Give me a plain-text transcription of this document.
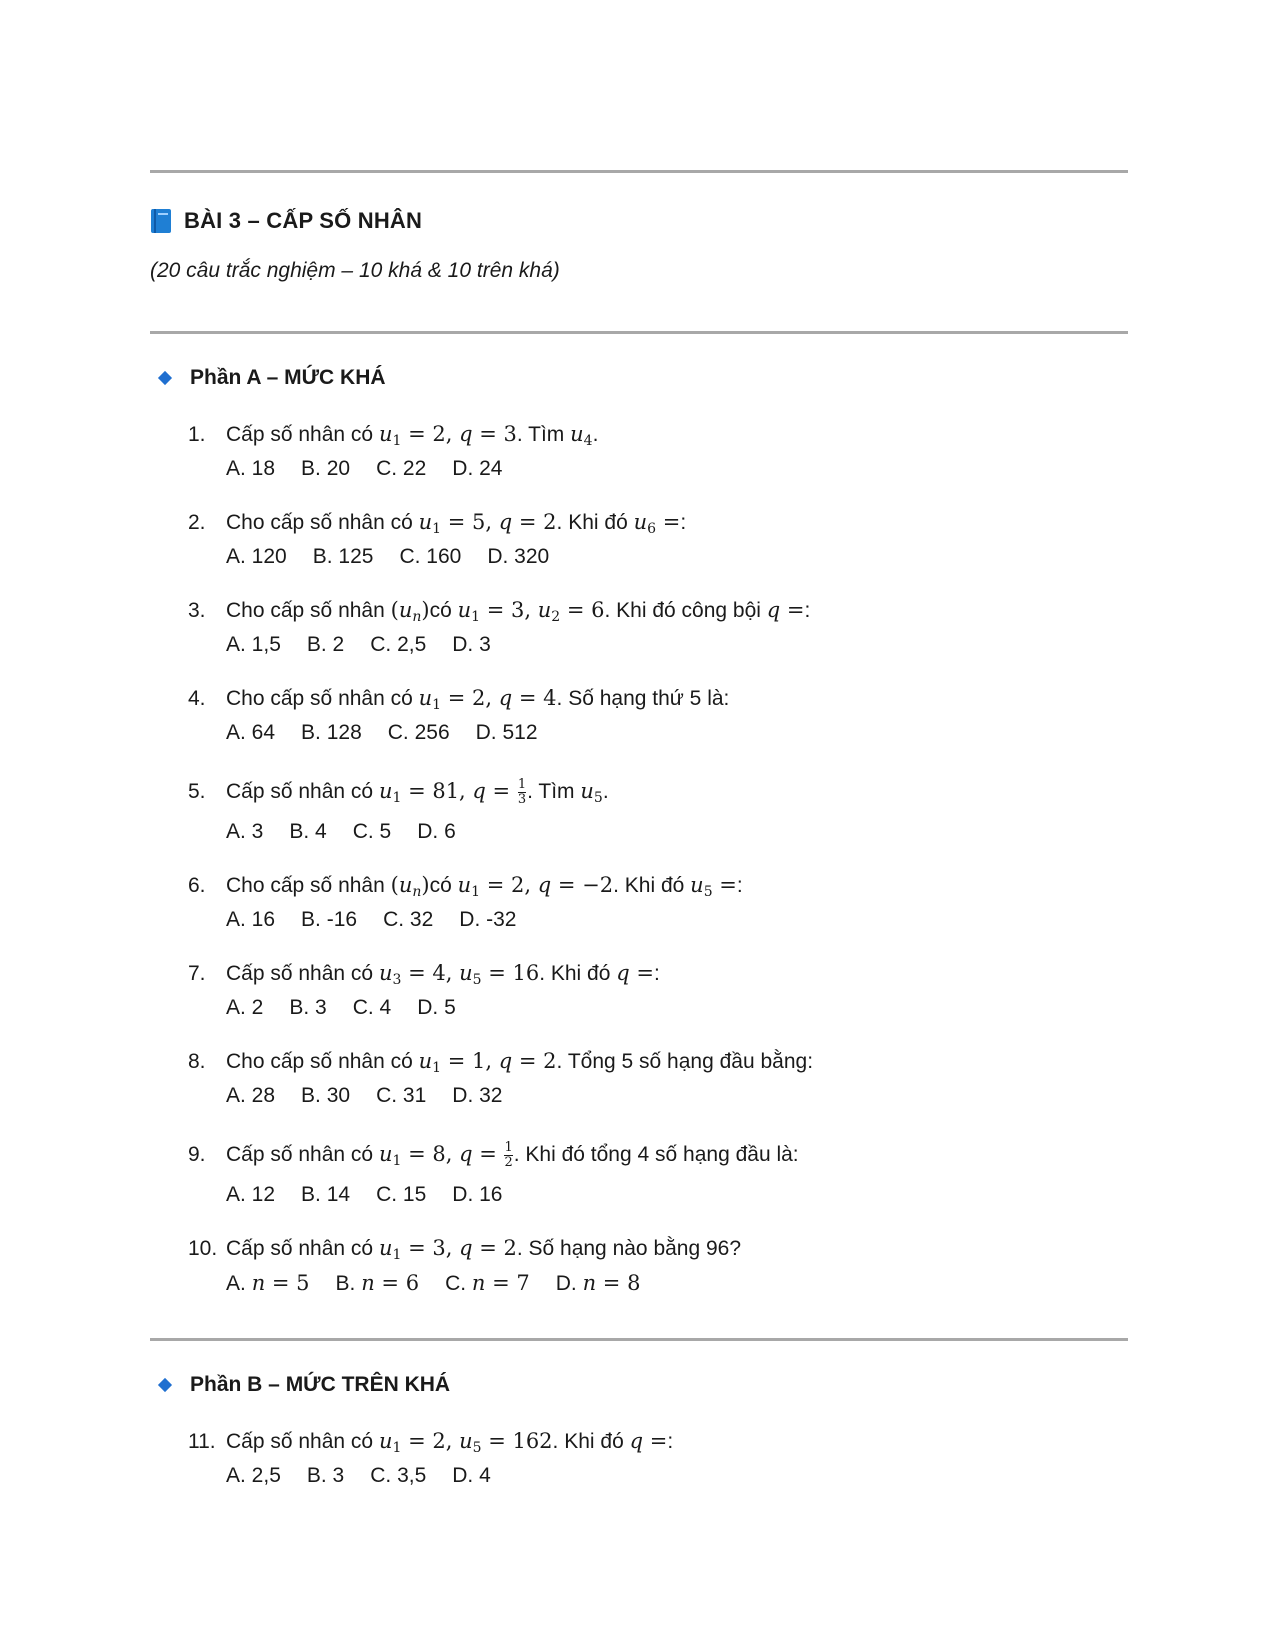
BÀI 3 – CẤP SỐ NHÂN
(20 câu trắc nghiệm – 10 khá & 10 trên khá)
Phần A – MỨC KHÁ
1. Cấp số nhân có $u_1 = 2$, q = 3. Tìm $u_4$.
A. 18 B. 20 C. 22 D. 24
2. Cho cấp số nhân có $u_1 = 5$, q = 2. Khi đó $u_6$ =:
A. 120 B. 125 C. 160 D. 320
3. Cho cấp số nhân $(u_n)có$ $u_1 = 3$, $u_2 = 6$. Khi đó công bội q =:
A. 1,5 B. 2 C. 2,5 D. 3
4. Cho cấp số nhân có $u_1 = 2$, q = 4. Số hạng thứ 5 là:
A. 64 B. 128 C. 256 D. 512
5. Cấp số nhân có $u_1 = 81$, $q = \frac{1}{3}$ . Tìm $u_5$.
A. 3 B. 4 C. 5 D. 6
6. Cho cấp số nhân $(u_n)có$ $u_1 = 2$, q = −2. Khi đó $u_5$ =:
A. 16 B. -16 C. 32 D. -32
7. Cấp số nhân có $u_3 = 4$, $u_5 = 16$. Khi đó q =:
A. 2 B. 3 C. 4 D. 5
8. Cho cấp số nhân có $u_1 = 1$, q = 2. Tổng 5 số hạng đầu bằng:
A. 28 B. 30 C. 31 D. 32
9. Cấp số nhân có $u_1 = 8$, $q = \frac{1}{2}$ . Khi đó tổng 4 số hạng đầu là:
A. 12 B. 14 C. 15 D. 16
10. Cấp số nhân có $u_1 = 3$, q = 2. Số hạng nào bằng 96?
A. n = 5 B. n = 6 C. n = 7 D. n = 8
Phần B – MỨC TRÊN KHÁ
11. Cấp số nhân có $u_1 = 2$, $u_5 = 162$. Khi đó q =:
A. 2,5 B. 3 C. 3,5 D. 4
